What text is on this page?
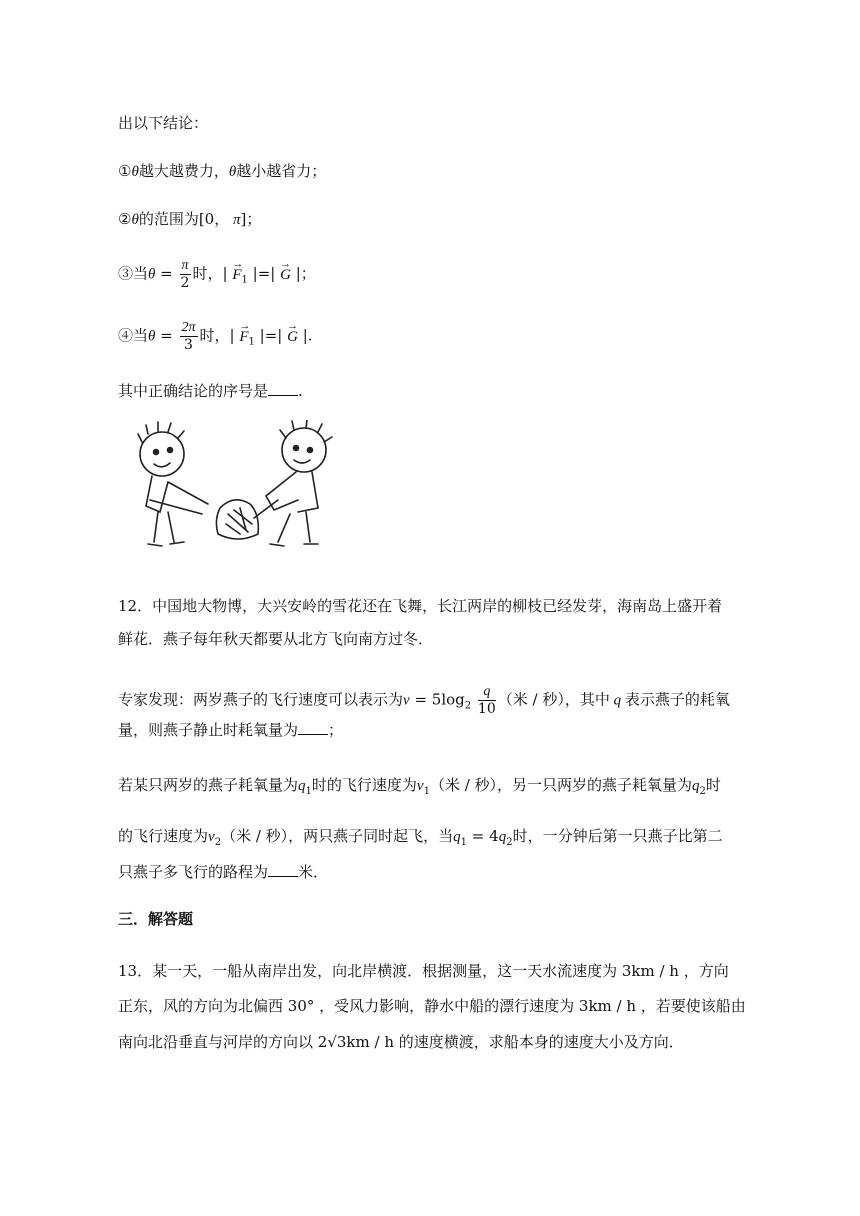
出以下结论：
①θ越大越费力，θ越小越省力；
②θ的范围为[0， π]；
③当$\theta = \frac{\pi}{2}$ 时，| → $F_1$ |=| → G |；
④当$\theta = \frac{2\pi}{3}$ 时，| → $F_1$ |=| → G |.
其中正确结论的序号是 .
12．中国地大物博，大兴安岭的雪花还在飞舞，长江两岸的柳枝已经发芽，海南岛上盛开着
鲜花．燕子每年秋天都要从北方飞向南方过冬．
专家发现：两岁燕子的飞行速度可以表示为$v = 5\log_2 \frac{q}{10}$ （米 / 秒），其中 q 表示燕子的耗氧
量，则燕子静止时耗氧量为 ；
若某只两岁的燕子耗氧量为$q_1$时的飞行速度为$v_1$（米 / 秒），另一只两岁的燕子耗氧量为$q_2$时
的飞行速度为$v_2$（米 / 秒），两只燕子同时起飞，当$q_1 = 4q_2$时，一分钟后第一只燕子比第二
只燕子多飞行的路程为 米．
三．解答题
13．某一天，一船从南岸出发，向北岸横渡．根据测量，这一天水流速度为 3km / h ，方向
正东，风的方向为北偏西 30° ，受风力影响，静水中船的漂行速度为 3km / h ，若要使该船由
南向北沿垂直与河岸的方向以 2√3km / h 的速度横渡，求船本身的速度大小及方向．
